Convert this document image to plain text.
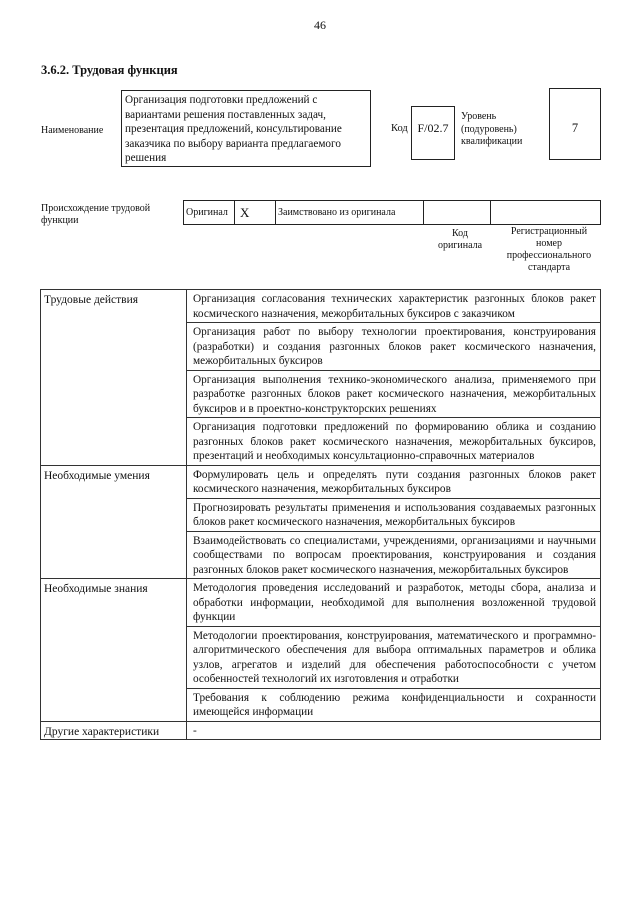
46
3.6.2. Трудовая функция
Наименование
Организация подготовки предложений с вариантами решения поставленных задач, презентация предложений, консультирование заказчика по выбору варианта предлагаемого решения
Код F/02.7
Уровень (подуровень) квалификации
7
Происхождение трудовой функции
Оригинал	X	Заимствовано из оригинала		
Код оригинала
Регистрационный номер профессионального стандарта
Трудовые действия	Организация согласования технических характеристик разгонных блоков ракет космического назначения, межорбитальных буксиров с заказчиком
	Организация работ по выбору технологии проектирования, конструирования (разработки) и создания разгонных блоков ракет космического назначения, межорбитальных буксиров
	Организация выполнения технико-экономического анализа, применяемого при разработке разгонных блоков ракет космического назначения, межорбитальных буксиров и в проектно-конструкторских решениях
	Организация подготовки предложений по формированию облика и созданию разгонных блоков ракет космического назначения, межорбитальных буксиров, презентаций и необходимых консультационно-справочных материалов
Необходимые умения	Формулировать цель и определять пути создания разгонных блоков ракет космического назначения, межорбитальных буксиров
	Прогнозировать результаты применения и использования создаваемых разгонных блоков ракет космического назначения, межорбитальных буксиров
	Взаимодействовать со специалистами, учреждениями, организациями и научными сообществами по вопросам проектирования, конструирования и создания разгонных блоков ракет космического назначения, межорбитальных буксиров
Необходимые знания	Методология проведения исследований и разработок, методы сбора, анализа и обработки информации, необходимой для выполнения возложенной трудовой функции
	Методологии проектирования, конструирования, математического и программно-алгоритмического обеспечения для выбора оптимальных параметров и облика узлов, агрегатов и изделий для обеспечения работоспособности с учетом особенностей технологий их изготовления и отработки
	Требования к соблюдению режима конфиденциальности и сохранности имеющейся информации
Другие характеристики	-
